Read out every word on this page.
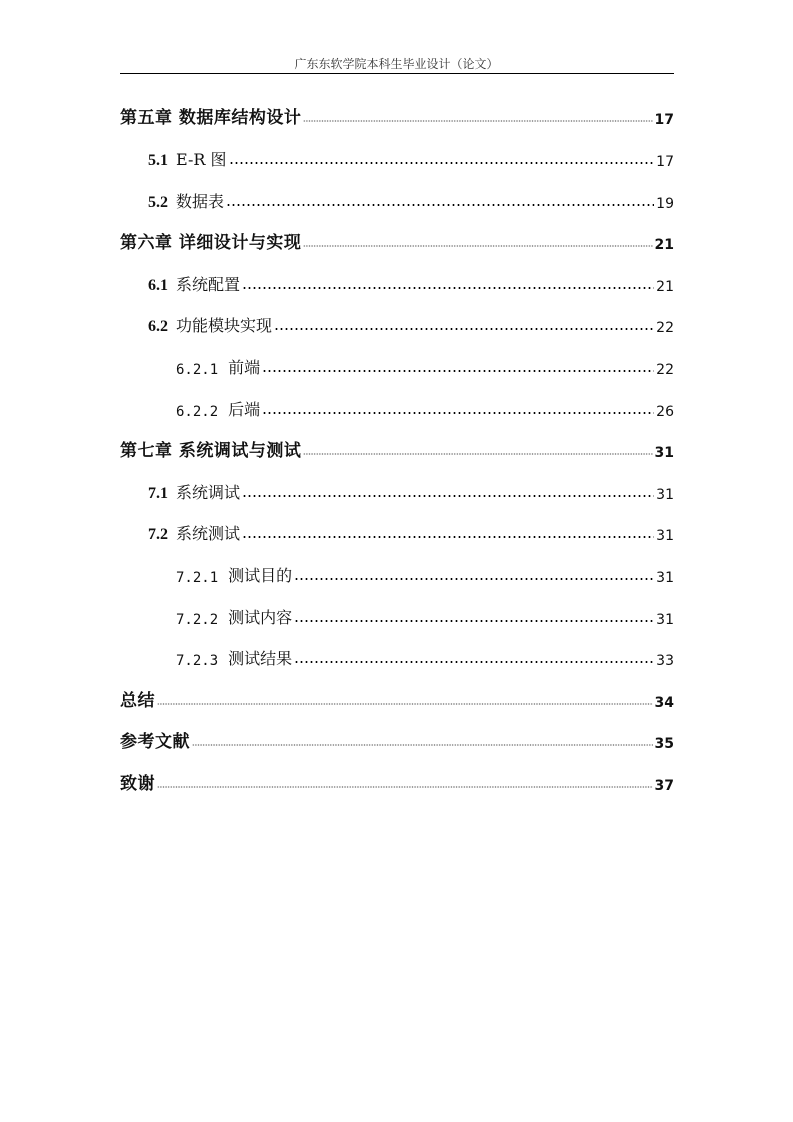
广东东软学院本科生毕业设计（论文）
第五章 数据库结构设计	17
5.1 E-R 图	17
5.2 数据表	19
第六章 详细设计与实现	21
6.1 系统配置	21
6.2 功能模块实现	22
6.2.1 前端	22
6.2.2 后端	26
第七章 系统调试与测试	31
7.1 系统调试	31
7.2 系统测试	31
7.2.1 测试目的	31
7.2.2 测试内容	31
7.2.3 测试结果	33
总结	34
参考文献	35
致谢	37
